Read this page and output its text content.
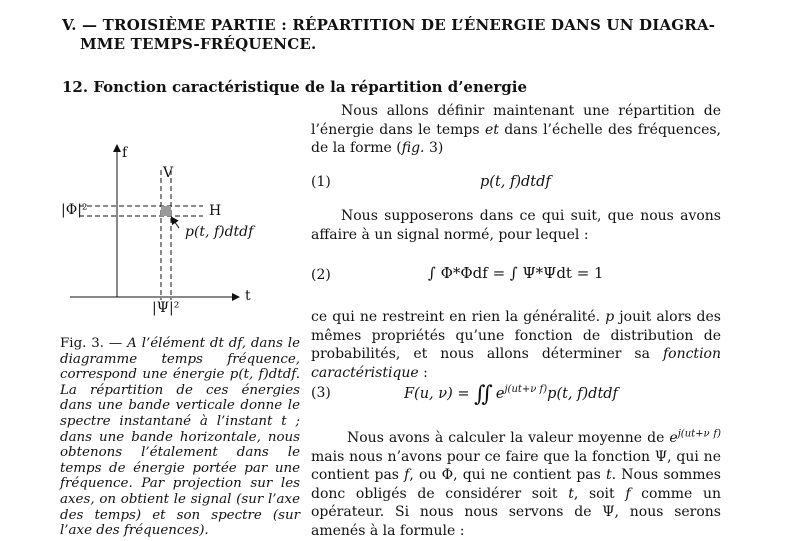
V. — TROISIÈME PARTIE : RÉPARTITION DE L’ÉNERGIE DANS UN DIAGRA-
MME TEMPS-FRÉQUENCE.
12. Fonction caractéristique de la répartition d’energie
f
V
|Φ|²	H
p(t, f)dtdf
t
|Ψ|²

Fig. 3. — A l’élément dt df, dans le diagramme temps fréquence, correspond une énergie p(t, f)dtdf. La répartition de ces énergies dans une bande verticale donne le spectre instantané à l’instant t ; dans une bande horizontale, nous obtenons l’étalement dans le temps de énergie portée par une fréquence. Par projection sur les axes, on obtient le signal (sur l’axe des temps) et son spectre (sur l’axe des fréquences).

Nous allons définir maintenant une répartition de l’énergie dans le temps et dans l’échelle des fréquences, de la forme (fig. 3)

(1)	p(t, f)dtdf

Nous supposerons dans ce qui suit, que nous avons affaire à un signal normé, pour lequel :

(2)	∫ Φ*Φdf = ∫ Ψ*Ψdt = 1

ce qui ne restreint en rien la généralité. p jouit alors des mêmes propriétés qu’une fonction de distribution de probabilités, et nous allons déterminer sa fonction caractéristique :

(3)	F(u, ν) = ∬ $e^{j(ut+\nu f)}p(t$, f)dtdf

Nous avons à calculer la valeur moyenne de $e^{j(ut+\nu f)}$ mais nous n’avons pour ce faire que la fonction Ψ, qui ne contient pas f, ou Φ, qui ne contient pas t. Nous sommes donc obligés de considérer soit t, soit f comme un opérateur. Si nous nous servons de Ψ, nous serons amenés à la formule :
